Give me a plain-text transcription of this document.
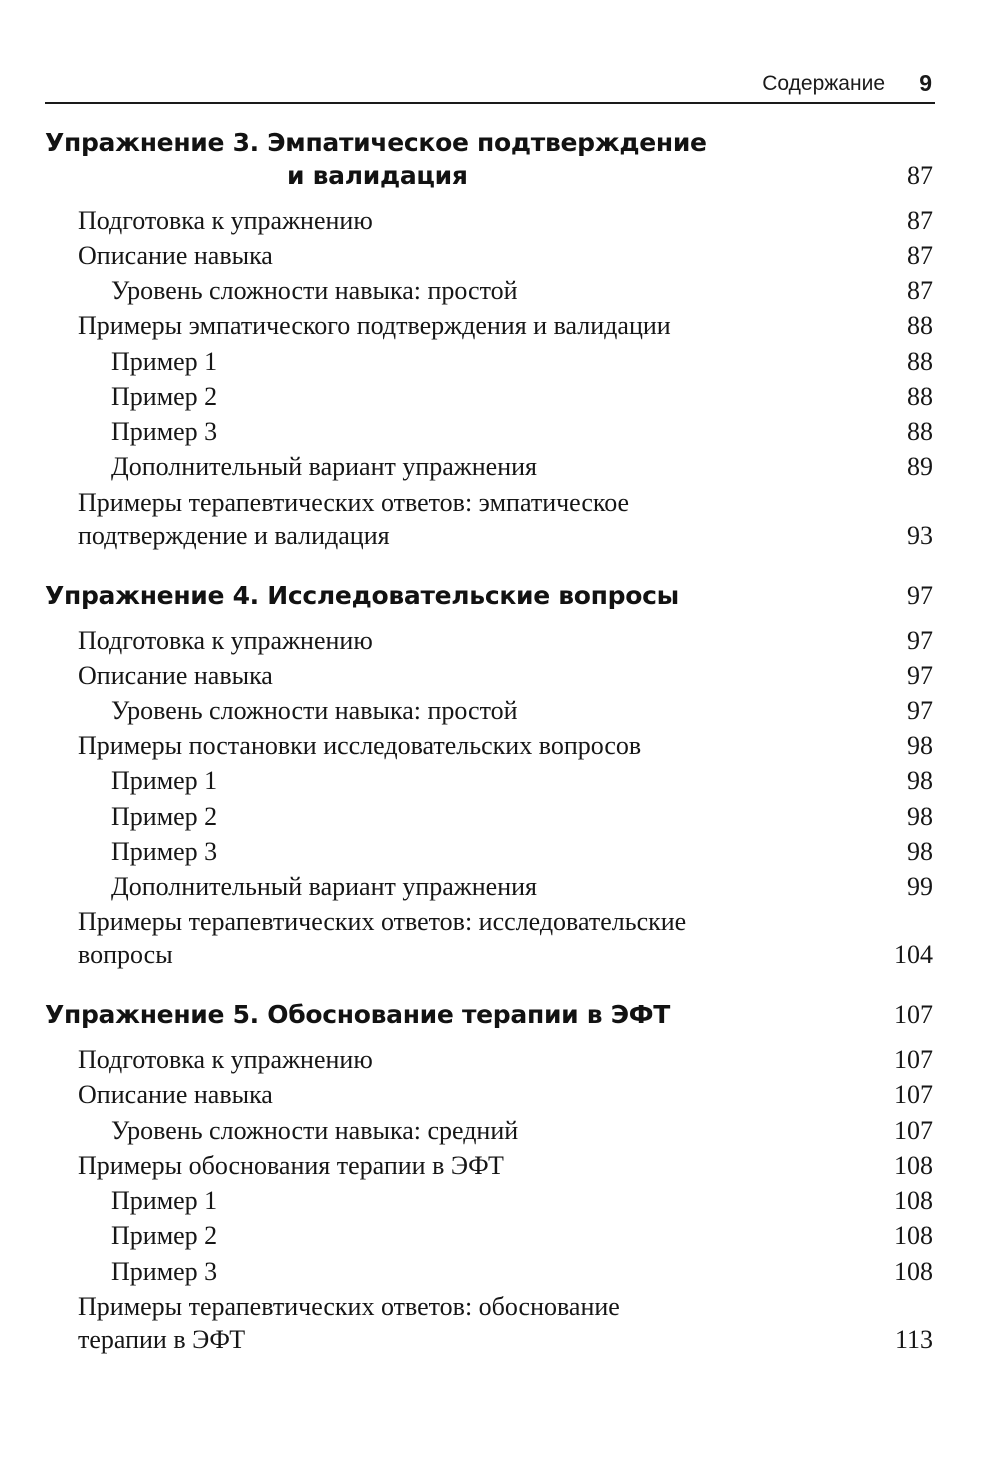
Содержание 9
Упражнение 3. Эмпатическое подтверждение
и валидация	87
Подготовка к упражнению	87
Описание навыка	87
Уровень сложности навыка: простой	87
Примеры эмпатического подтверждения и валидации	88
Пример 1	88
Пример 2	88
Пример 3	88
Дополнительный вариант упражнения	89
Примеры терапевтических ответов: эмпатическое
подтверждение и валидация	93
Упражнение 4. Исследовательские вопросы	97
Подготовка к упражнению	97
Описание навыка	97
Уровень сложности навыка: простой	97
Примеры постановки исследовательских вопросов	98
Пример 1	98
Пример 2	98
Пример 3	98
Дополнительный вариант упражнения	99
Примеры терапевтических ответов: исследовательские
вопросы	104
Упражнение 5. Обоснование терапии в ЭФТ	107
Подготовка к упражнению	107
Описание навыка	107
Уровень сложности навыка: средний	107
Примеры обоснования терапии в ЭФТ	108
Пример 1	108
Пример 2	108
Пример 3	108
Примеры терапевтических ответов: обоснование
терапии в ЭФТ	113
